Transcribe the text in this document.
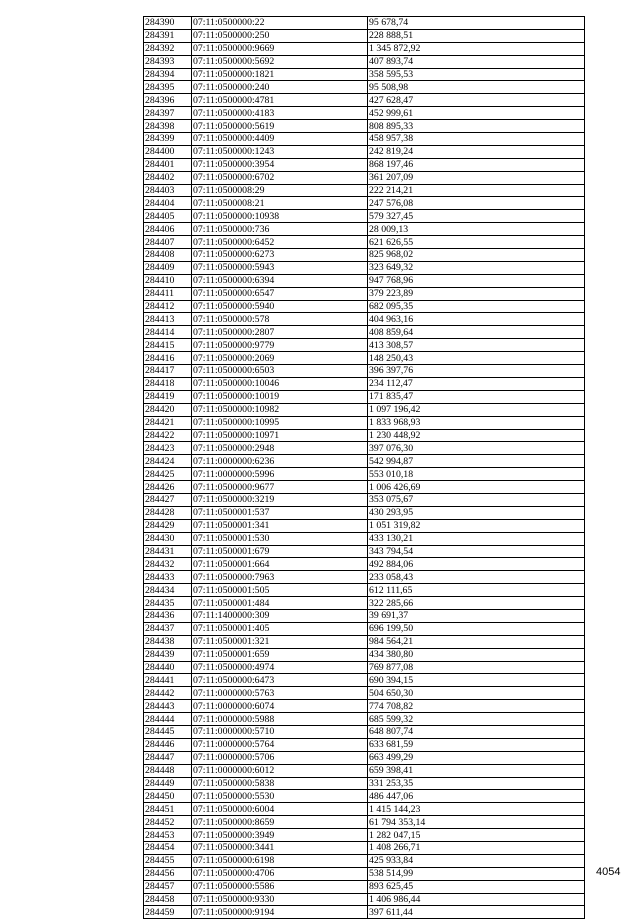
284390	07:11:0500000:22	95 678,74
284391	07:11:0500000:250	228 888,51
284392	07:11:0500000:9669	1 345 872,92
284393	07:11:0500000:5692	407 893,74
284394	07:11:0500000:1821	358 595,53
284395	07:11:0500000:240	95 508,98
284396	07:11:0500000:4781	427 628,47
284397	07:11:0500000:4183	452 999,61
284398	07:11:0500000:5619	808 895,33
284399	07:11:0500000:4409	458 957,38
284400	07:11:0500000:1243	242 819,24
284401	07:11:0500000:3954	868 197,46
284402	07:11:0500000:6702	361 207,09
284403	07:11:0500008:29	222 214,21
284404	07:11:0500008:21	247 576,08
284405	07:11:0500000:10938	579 327,45
284406	07:11:0500000:736	28 009,13
284407	07:11:0500000:6452	621 626,55
284408	07:11:0500000:6273	825 968,02
284409	07:11:0500000:5943	323 649,32
284410	07:11:0500000:6394	947 768,96
284411	07:11:0500000:6547	379 223,89
284412	07:11:0500000:5940	682 095,35
284413	07:11:0500000:578	404 963,16
284414	07:11:0500000:2807	408 859,64
284415	07:11:0500000:9779	413 308,57
284416	07:11:0500000:2069	148 250,43
284417	07:11:0500000:6503	396 397,76
284418	07:11:0500000:10046	234 112,47
284419	07:11:0500000:10019	171 835,47
284420	07:11:0500000:10982	1 097 196,42
284421	07:11:0500000:10995	1 833 968,93
284422	07:11:0500000:10971	1 230 448,92
284423	07:11:0500000:2948	397 076,30
284424	07:11:0000000:6236	542 994,87
284425	07:11:0000000:5996	553 010,18
284426	07:11:0500000:9677	1 006 426,69
284427	07:11:0500000:3219	353 075,67
284428	07:11:0500001:537	430 293,95
284429	07:11:0500001:341	1 051 319,82
284430	07:11:0500001:530	433 130,21
284431	07:11:0500001:679	343 794,54
284432	07:11:0500001:664	492 884,06
284433	07:11:0500000:7963	233 058,43
284434	07:11:0500001:505	612 111,65
284435	07:11:0500001:484	322 285,66
284436	07:11:1400000:309	39 691,37
284437	07:11:0500001:405	696 199,50
284438	07:11:0500001:321	984 564,21
284439	07:11:0500001:659	434 380,80
284440	07:11:0500000:4974	769 877,08
284441	07:11:0500000:6473	690 394,15
284442	07:11:0000000:5763	504 650,30
284443	07:11:0000000:6074	774 708,82
284444	07:11:0000000:5988	685 599,32
284445	07:11:0000000:5710	648 807,74
284446	07:11:0000000:5764	633 681,59
284447	07:11:0000000:5706	663 499,29
284448	07:11:0000000:6012	659 398,41
284449	07:11:0500000:5838	331 253,35
284450	07:11:0500000:5530	486 447,06
284451	07:11:0500000:6004	1 415 144,23
284452	07:11:0500000:8659	61 794 353,14
284453	07:11:0500000:3949	1 282 047,15
284454	07:11:0500000:3441	1 408 266,71
284455	07:11:0500000:6198	425 933,84
284456	07:11:0500000:4706	538 514,99
284457	07:11:0500000:5586	893 625,45
284458	07:11:0500000:9330	1 406 986,44
284459	07:11:0500000:9194	397 611,44
4054
